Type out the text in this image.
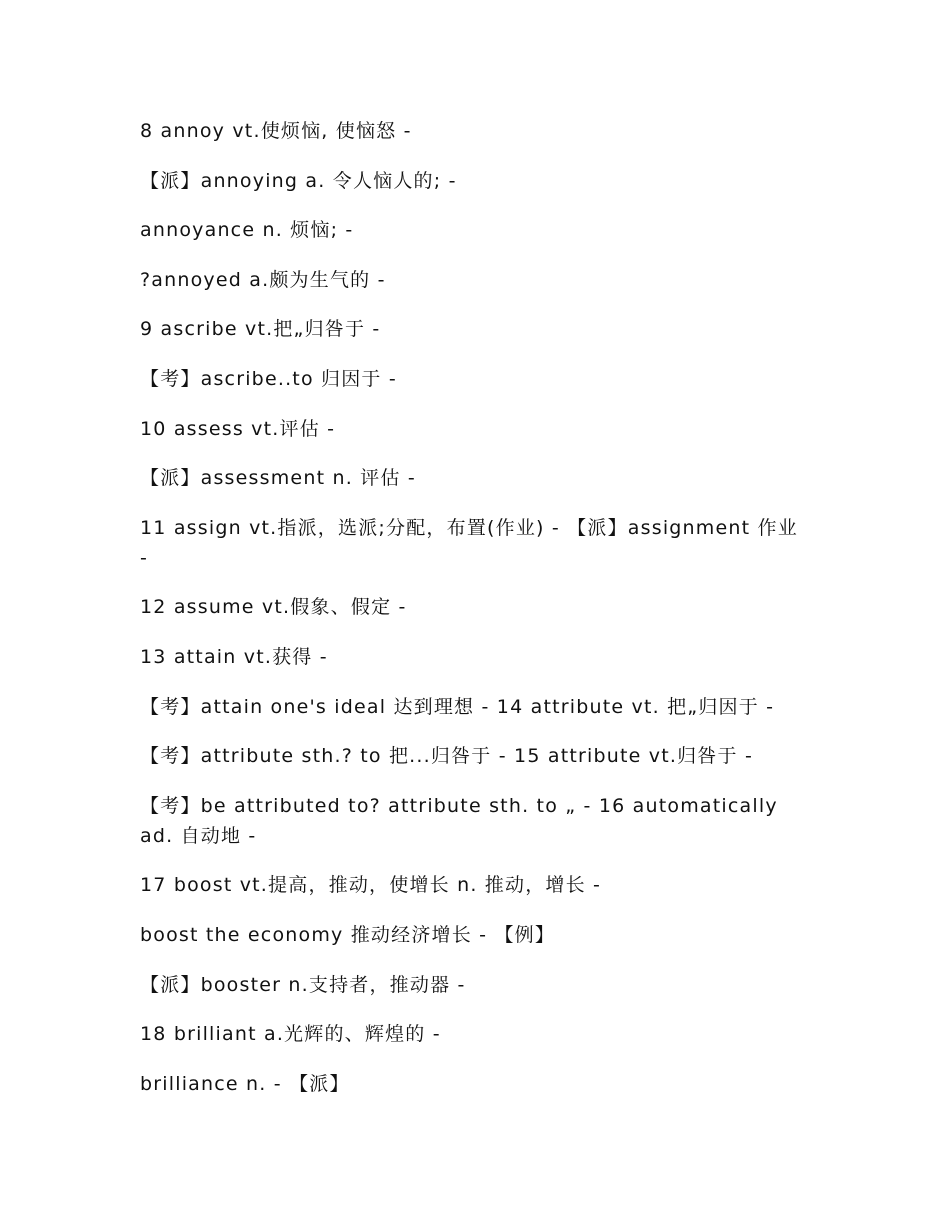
8 annoy vt.使烦恼, 使恼怒 -

【派】annoying a. 令人恼人的; -

annoyance n. 烦恼; -

?annoyed a.颇为生气的 -

9 ascribe vt.把„归咎于 -

【考】ascribe..to 归因于 -

10 assess vt.评估 -

【派】assessment n. 评估 -

11 assign vt.指派，选派;分配，布置(作业) - 【派】assignment 作业 -

12 assume vt.假象、假定 -

13 attain vt.获得 -

【考】attain one's ideal 达到理想 - 14 attribute vt. 把„归因于 -

【考】attribute sth.? to 把...归咎于 - 15 attribute vt.归咎于 -

【考】be attributed to? attribute sth. to „ - 16 automatically ad. 自动地 -

17 boost vt.提高，推动，使增长 n. 推动，增长 -

boost the economy 推动经济增长 - 【例】

【派】booster n.支持者，推动器 -

18 brilliant a.光辉的、辉煌的 -

brilliance n. - 【派】
